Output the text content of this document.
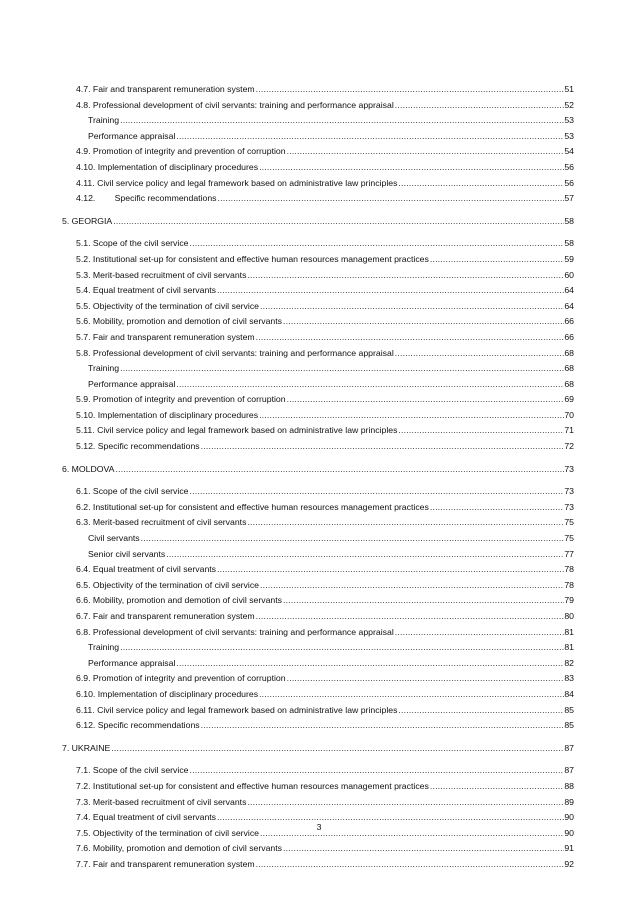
4.7. Fair and transparent remuneration system .....	51
4.8. Professional development of civil servants: training and performance appraisal .....	52
Training .....	53
Performance appraisal .....	53
4.9. Promotion of integrity and prevention of corruption .....	54
4.10. Implementation of disciplinary procedures .....	56
4.11. Civil service policy and legal framework based on administrative law principles .....	56
4.12.        Specific recommendations .....	57
5. GEORGIA .....	58
5.1. Scope of the civil service .....	58
5.2. Institutional set-up for consistent and effective human resources management practices .....	59
5.3. Merit-based recruitment of civil servants .....	60
5.4. Equal treatment of civil servants .....	64
5.5. Objectivity of the termination of civil service .....	64
5.6. Mobility, promotion and demotion of civil servants .....	66
5.7. Fair and transparent remuneration system .....	66
5.8. Professional development of civil servants: training and performance appraisal .....	68
Training .....	68
Performance appraisal .....	68
5.9. Promotion of integrity and prevention of corruption .....	69
5.10. Implementation of disciplinary procedures .....	70
5.11. Civil service policy and legal framework based on administrative law principles .....	71
5.12. Specific recommendations .....	72
6. MOLDOVA .....	73
6.1. Scope of the civil service .....	73
6.2. Institutional set-up for consistent and effective human resources management practices .....	73
6.3. Merit-based recruitment of civil servants .....	75
Civil servants .....	75
Senior civil servants .....	77
6.4. Equal treatment of civil servants .....	78
6.5. Objectivity of the termination of civil service .....	78
6.6. Mobility, promotion and demotion of civil servants .....	79
6.7. Fair and transparent remuneration system .....	80
6.8. Professional development of civil servants: training and performance appraisal .....	81
Training .....	81
Performance appraisal .....	82
6.9. Promotion of integrity and prevention of corruption .....	83
6.10. Implementation of disciplinary procedures .....	84
6.11. Civil service policy and legal framework based on administrative law principles .....	85
6.12. Specific recommendations .....	85
7. UKRAINE .....	87
7.1. Scope of the civil service .....	87
7.2. Institutional set-up for consistent and effective human resources management practices .....	88
7.3. Merit-based recruitment of civil servants .....	89
7.4. Equal treatment of civil servants .....	90
7.5. Objectivity of the termination of civil service .....	90
7.6. Mobility, promotion and demotion of civil servants .....	91
7.7. Fair and transparent remuneration system .....	92
3
